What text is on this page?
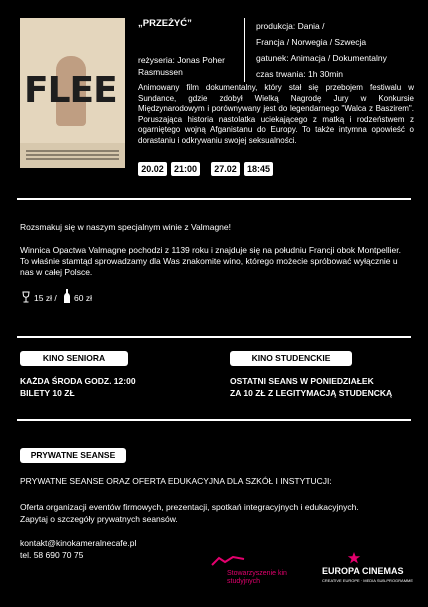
FLEE
„PRZEŻYĆ”
reżyseria: Jonas Poher
Rasmussen
produkcja: Dania /
Francja / Norwegia / Szwecja
gatunek: Animacja / Dokumentalny
czas trwania: 1h 30min
Animowany film dokumentalny, który stał się przebojem festiwalu w Sundance, gdzie zdobył Wielką Nagrodę Jury w Konkursie Międzynarodowym i porównywany jest do legendarnego "Walca z Baszirem". Poruszająca historia nastolatka uciekającego z matką i rodzeństwem z ogarniętego wojną Afganistanu do Europy. To także intymna opowieść o dorastaniu i odkrywaniu swojej seksualności.
20.02	21:00	27.02	18:45
Rozsmakuj się w naszym specjalnym winie z Valmagne!
Winnica Opactwa Valmagne pochodzi z 1139 roku i znajduje się na południu Francji obok Montpellier. To właśnie stamtąd sprowadzamy dla Was znakomite wino, którego możecie spróbować wyłącznie u nas w całej Polsce.
15 zł / 60 zł
KINO SENIORA
KAŻDA ŚRODA GODZ. 12:00
BILETY 10 ZŁ
KINO STUDENCKIE
OSTATNI SEANS W PONIEDZIAŁEK
ZA 10 ZŁ Z LEGITYMACJĄ STUDENCKĄ
PRYWATNE SEANSE
PRYWATNE SEANSE ORAZ OFERTA EDUKACYJNA DLA SZKÓŁ I INSTYTUCJI:
Oferta organizacji eventów firmowych, prezentacji, spotkań integracyjnych i edukacyjnych.
Zapytaj o szczegóły prywatnych seansów.
kontakt@kinokameralnecafe.pl
tel. 58 690 70 75
Stowarzyszenie kin
studyjnych
EUROPA CINEMAS
CREATIVE EUROPE · MEDIA SUB-PROGRAMME
